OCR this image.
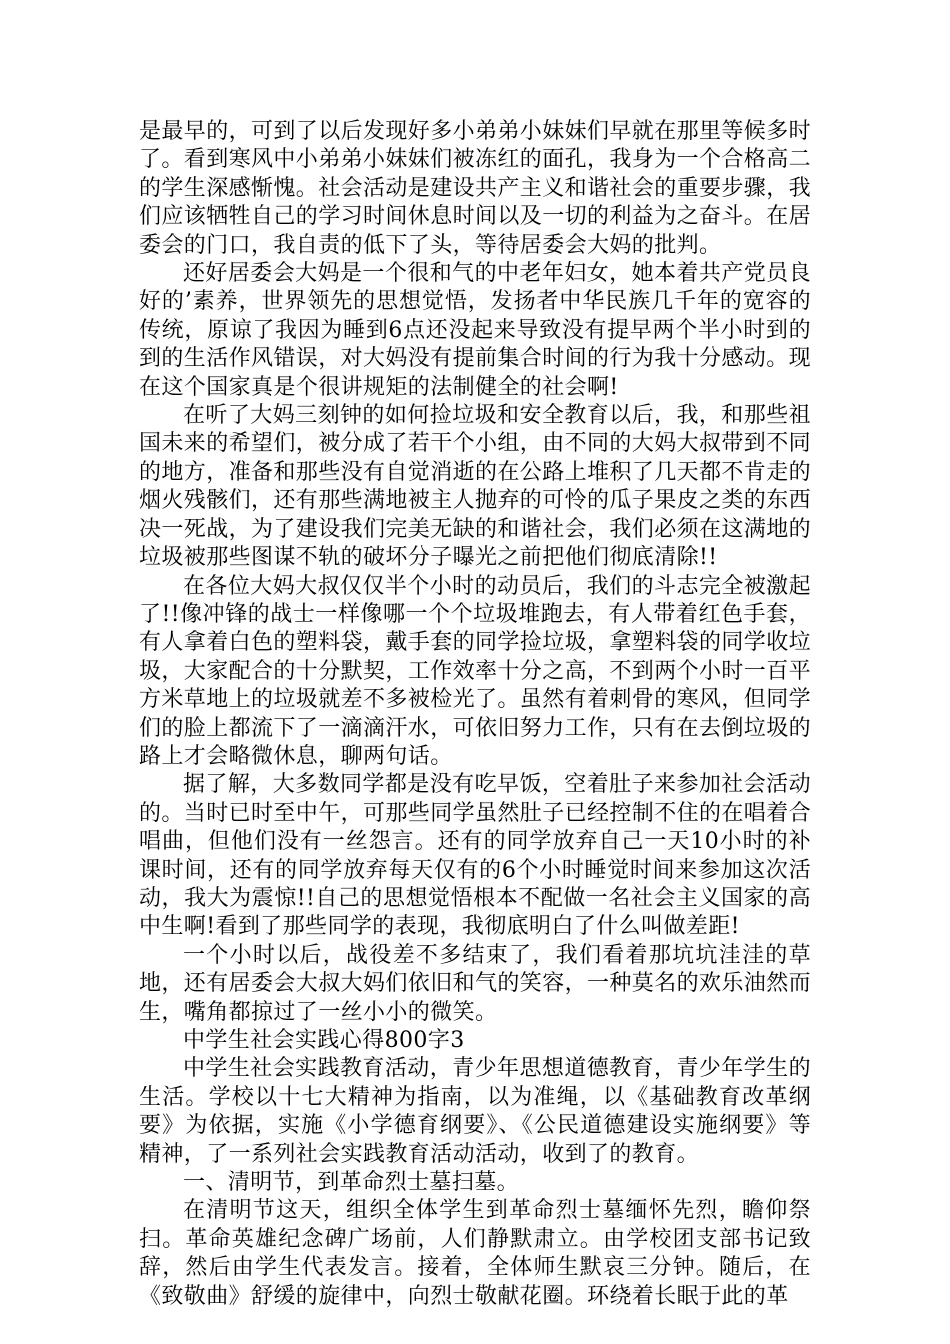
是最早的，可到了以后发现好多小弟弟小妹妹们早就在那里等候多时了。看到寒风中小弟弟小妹妹们被冻红的面孔，我身为一个合格高二的学生深感惭愧。社会活动是建设共产主义和谐社会的重要步骤，我们应该牺牲自己的学习时间休息时间以及一切的利益为之奋斗。在居委会的门口，我自责的低下了头，等待居委会大妈的批判。

还好居委会大妈是一个很和气的中老年妇女，她本着共产党员良好的’素养，世界领先的思想觉悟，发扬者中华民族几千年的宽容的传统，原谅了我因为睡到6点还没起来导致没有提早两个半小时到的到的生活作风错误，对大妈没有提前集合时间的行为我十分感动。现在这个国家真是个很讲规矩的法制健全的社会啊!

在听了大妈三刻钟的如何捡垃圾和安全教育以后，我，和那些祖国未来的希望们，被分成了若干个小组，由不同的大妈大叔带到不同的地方，准备和那些没有自觉消逝的在公路上堆积了几天都不肯走的烟火残骸们，还有那些满地被主人抛弃的可怜的瓜子果皮之类的东西决一死战，为了建设我们完美无缺的和谐社会，我们必须在这满地的垃圾被那些图谋不轨的破坏分子曝光之前把他们彻底清除!!

在各位大妈大叔仅仅半个小时的动员后，我们的斗志完全被激起了!!像冲锋的战士一样像哪一个个垃圾堆跑去，有人带着红色手套，有人拿着白色的塑料袋，戴手套的同学捡垃圾，拿塑料袋的同学收垃圾，大家配合的十分默契，工作效率十分之高，不到两个小时一百平方米草地上的垃圾就差不多被检光了。虽然有着刺骨的寒风，但同学们的脸上都流下了一滴滴汗水，可依旧努力工作，只有在去倒垃圾的路上才会略微休息，聊两句话。

据了解，大多数同学都是没有吃早饭，空着肚子来参加社会活动的。当时已时至中午，可那些同学虽然肚子已经控制不住的在唱着合唱曲，但他们没有一丝怨言。还有的同学放弃自己一天10小时的补课时间，还有的同学放弃每天仅有的6个小时睡觉时间来参加这次活动，我大为震惊!!自己的思想觉悟根本不配做一名社会主义国家的高中生啊!看到了那些同学的表现，我彻底明白了什么叫做差距!

一个小时以后，战役差不多结束了，我们看着那坑坑洼洼的草地，还有居委会大叔大妈们依旧和气的笑容，一种莫名的欢乐油然而生，嘴角都掠过了一丝小小的微笑。

中学生社会实践心得800字3

中学生社会实践教育活动，青少年思想道德教育，青少年学生的生活。学校以十七大精神为指南，以为准绳，以《基础教育改革纲要》为依据，实施《小学德育纲要》、《公民道德建设实施纲要》等精神，了一系列社会实践教育活动活动，收到了的教育。

一、清明节，到革命烈士墓扫墓。

在清明节这天，组织全体学生到革命烈士墓缅怀先烈，瞻仰祭扫。革命英雄纪念碑广场前，人们静默肃立。由学校团支部书记致辞，然后由学生代表发言。接着，全体师生默哀三分钟。随后，在《致敬曲》舒缓的旋律中，向烈士敬献花圈。环绕着长眠于此的革
